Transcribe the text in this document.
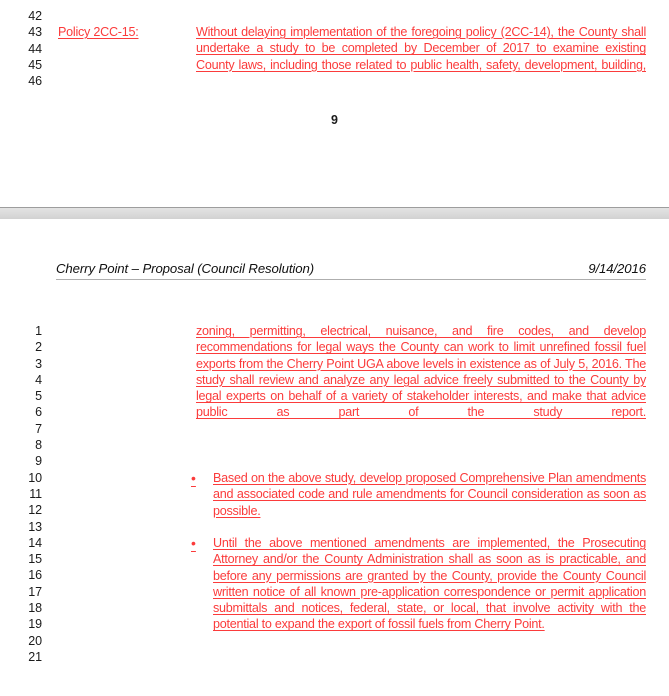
42
43
44
45
46
Policy 2CC-15:	Without delaying implementation of the foregoing policy (2CC-14), the County shall undertake a study to be completed by December of 2017 to examine existing County laws, including those related to public health, safety, development, building,

9
Cherry Point – Proposal (Council Resolution)	9/14/2016
1
2
3
4
5
6
7
8
9
10
11
12
13
14
15
16
17
18
19
20
21

zoning, permitting, electrical, nuisance, and fire codes, and develop recommendations for legal ways the County can work to limit unrefined fossil fuel exports from the Cherry Point UGA above levels in existence as of July 5, 2016. The study shall review and analyze any legal advice freely submitted to the County by legal experts on behalf of a variety of stakeholder interests, and make that advice public as part of the study report.

•	Based on the above study, develop proposed Comprehensive Plan amendments and associated code and rule amendments for Council consideration as soon as possible.
•	Until the above mentioned amendments are implemented, the Prosecuting Attorney and/or the County Administration shall as soon as is practicable, and before any permissions are granted by the County, provide the County Council written notice of all known pre-application correspondence or permit application submittals and notices, federal, state, or local, that involve activity with the potential to expand the export of fossil fuels from Cherry Point.
